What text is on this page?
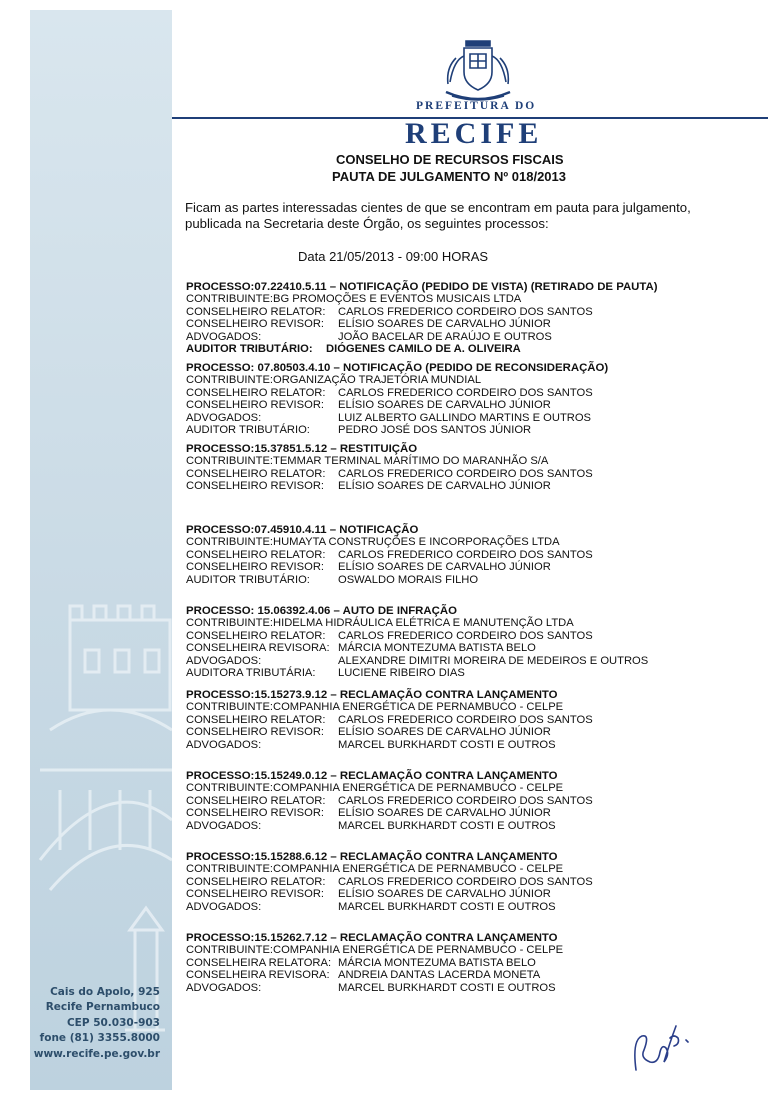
Cais do Apolo, 925
Recife Pernambuco
CEP 50.030-903
fone (81) 3355.8000
www.recife.pe.gov.br
PREFEITURA DO
RECIFE
CONSELHO DE RECURSOS FISCAIS
PAUTA DE JULGAMENTO Nº 018/2013

Ficam as partes interessadas cientes de que se encontram em pauta para julgamento,

publicada na Secretaria deste Órgão, os seguintes processos:

Data 21/05/2013 - 09:00 HORAS
PROCESSO:07.22410.5.11 – NOTIFICAÇÃO (PEDIDO DE VISTA) (RETIRADO DE PAUTA)
CONTRIBUINTE: BG PROMOÇÕES E EVENTOS MUSICAIS LTDA
CONSELHEIRO RELATOR:	CARLOS FREDERICO CORDEIRO DOS SANTOS
CONSELHEIRO REVISOR:	ELÍSIO SOARES DE CARVALHO JÚNIOR
ADVOGADOS:	JOÃO BACELAR DE ARAÚJO E OUTROS
AUDITOR TRIBUTÁRIO:	DIÓGENES CAMILO DE A. OLIVEIRA
PROCESSO: 07.80503.4.10 – NOTIFICAÇÃO (PEDIDO DE RECONSIDERAÇÃO)
CONTRIBUINTE: ORGANIZAÇÃO TRAJETÓRIA MUNDIAL
CONSELHEIRO RELATOR:	CARLOS FREDERICO CORDEIRO DOS SANTOS
CONSELHEIRO REVISOR:	ELÍSIO SOARES DE CARVALHO JÚNIOR
ADVOGADOS:	LUIZ ALBERTO GALLINDO MARTINS E OUTROS
AUDITOR TRIBUTÁRIO:	PEDRO JOSÉ DOS SANTOS JÚNIOR
PROCESSO:15.37851.5.12 – RESTITUIÇÃO
CONTRIBUINTE: TEMMAR TERMINAL MARÍTIMO DO MARANHÃO S/A
CONSELHEIRO RELATOR:	CARLOS FREDERICO CORDEIRO DOS SANTOS
CONSELHEIRO REVISOR:	ELÍSIO SOARES DE CARVALHO JÚNIOR
PROCESSO:07.45910.4.11 – NOTIFICAÇÃO
CONTRIBUINTE: HUMAYTA CONSTRUÇÕES E INCORPORAÇÕES LTDA
CONSELHEIRO RELATOR:	CARLOS FREDERICO CORDEIRO DOS SANTOS
CONSELHEIRO REVISOR:	ELÍSIO SOARES DE CARVALHO JÚNIOR
AUDITOR TRIBUTÁRIO:	OSWALDO MORAIS FILHO
PROCESSO: 15.06392.4.06 – AUTO DE INFRAÇÃO
CONTRIBUINTE: HIDELMA HIDRÁULICA ELÉTRICA E MANUTENÇÃO LTDA
CONSELHEIRO RELATOR:	CARLOS FREDERICO CORDEIRO DOS SANTOS
CONSELHEIRA REVISORA: MÁRCIA MONTEZUMA BATISTA BELO
ADVOGADOS:	ALEXANDRE DIMITRI MOREIRA DE MEDEIROS E OUTROS
AUDITORA TRIBUTÁRIA:	LUCIENE RIBEIRO DIAS
PROCESSO:15.15273.9.12 – RECLAMAÇÃO CONTRA LANÇAMENTO
CONTRIBUINTE: COMPANHIA ENERGÉTICA DE PERNAMBUCO - CELPE
CONSELHEIRO RELATOR:	CARLOS FREDERICO CORDEIRO DOS SANTOS
CONSELHEIRO REVISOR:	ELÍSIO SOARES DE CARVALHO JÚNIOR
ADVOGADOS:	MARCEL BURKHARDT COSTI E OUTROS
PROCESSO:15.15249.0.12 – RECLAMAÇÃO CONTRA LANÇAMENTO
CONTRIBUINTE: COMPANHIA ENERGÉTICA DE PERNAMBUCO - CELPE
CONSELHEIRO RELATOR:	CARLOS FREDERICO CORDEIRO DOS SANTOS
CONSELHEIRO REVISOR:	ELÍSIO SOARES DE CARVALHO JÚNIOR
ADVOGADOS:	MARCEL BURKHARDT COSTI E OUTROS
PROCESSO:15.15288.6.12 – RECLAMAÇÃO CONTRA LANÇAMENTO
CONTRIBUINTE: COMPANHIA ENERGÉTICA DE PERNAMBUCO - CELPE
CONSELHEIRO RELATOR:	CARLOS FREDERICO CORDEIRO DOS SANTOS
CONSELHEIRO REVISOR:	ELÍSIO SOARES DE CARVALHO JÚNIOR
ADVOGADOS:	MARCEL BURKHARDT COSTI E OUTROS
PROCESSO:15.15262.7.12 – RECLAMAÇÃO CONTRA LANÇAMENTO
CONTRIBUINTE: COMPANHIA ENERGÉTICA DE PERNAMBUCO - CELPE
CONSELHEIRA RELATORA: MÁRCIA MONTEZUMA BATISTA BELO
CONSELHEIRA REVISORA: ANDREIA DANTAS LACERDA MONETA
ADVOGADOS:	MARCEL BURKHARDT COSTI E OUTROS
